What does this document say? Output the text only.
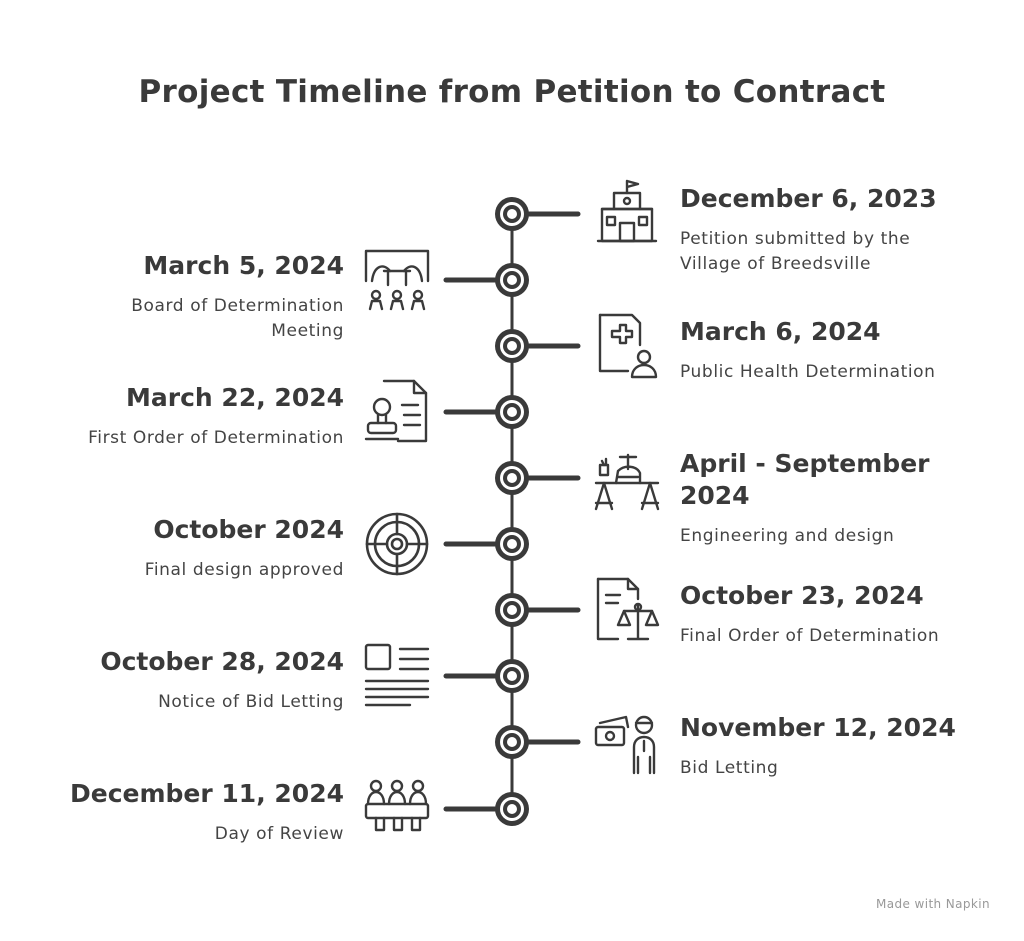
Project Timeline from Petition to Contract
December 6, 2023
Petition submitted by the Village of Breedsville
March 5, 2024
Board of Determination Meeting	March 6, 2024
Public Health Determination
March 22, 2024
First Order of Determination
April - September 2024
Engineering and design
October 2024
Final design approved
October 23, 2024
Final Order of Determination
October 28, 2024
Notice of Bid Letting
November 12, 2024
Bid Letting
December 11, 2024
Day of Review
Made with Napkin
